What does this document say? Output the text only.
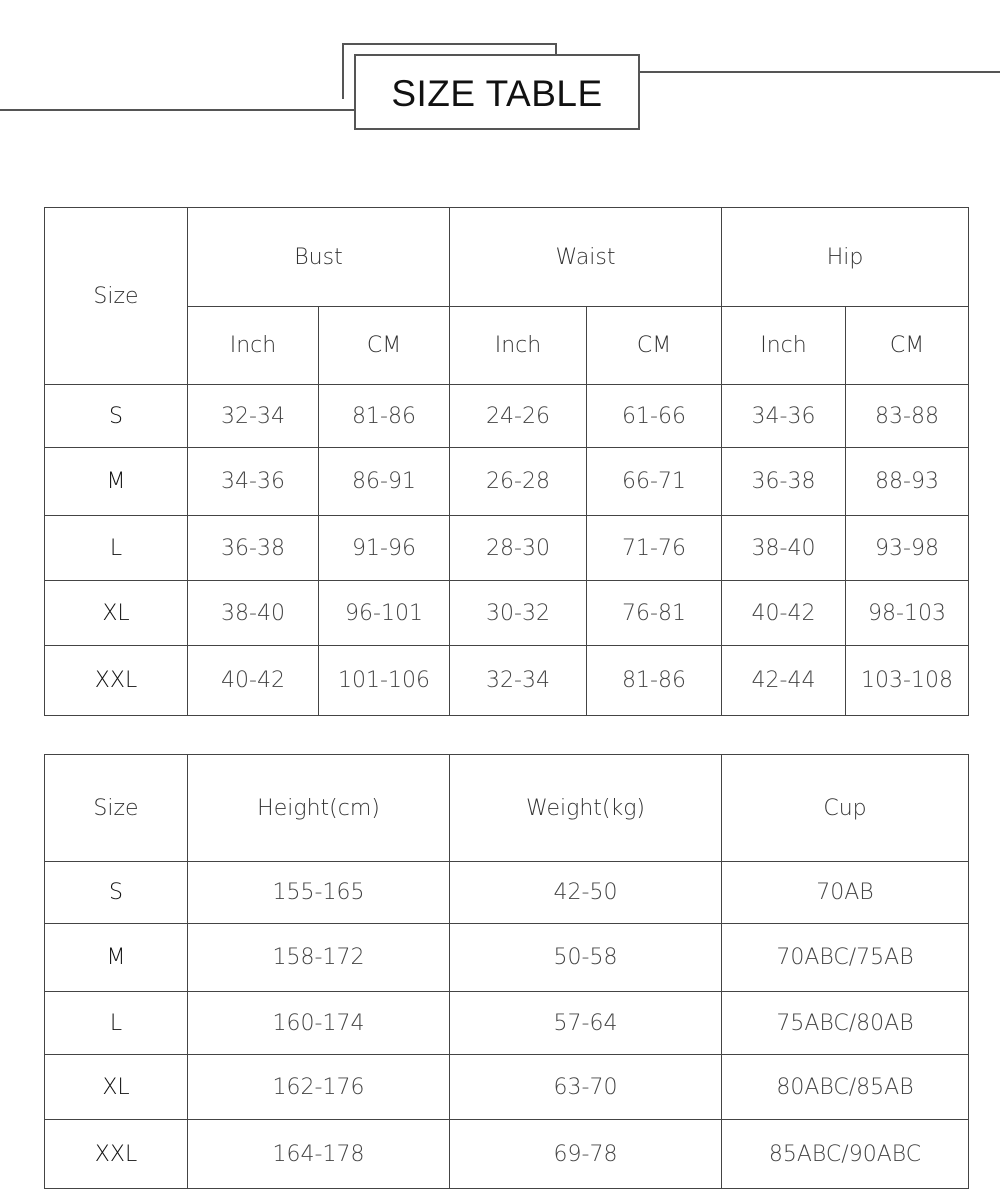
SIZE TABLE
Size	Bust		Waist		Hip	
	Inch	CM	Inch	CM	Inch	CM
S	32-34	81-86	24-26	61-66	34-36	83-88
M	34-36	86-91	26-28	66-71	36-38	88-93
L	36-38	91-96	28-30	71-76	38-40	93-98
XL	38-40	96-101	30-32	76-81	40-42	98-103
XXL	40-42	101-106	32-34	81-86	42-44	103-108
Size	Height(cm)	Weight(kg)	Cup
S	155-165	42-50	70AB
M	158-172	50-58	70ABC/75AB
L	160-174	57-64	75ABC/80AB
XL	162-176	63-70	80ABC/85AB
XXL	164-178	69-78	85ABC/90ABC
